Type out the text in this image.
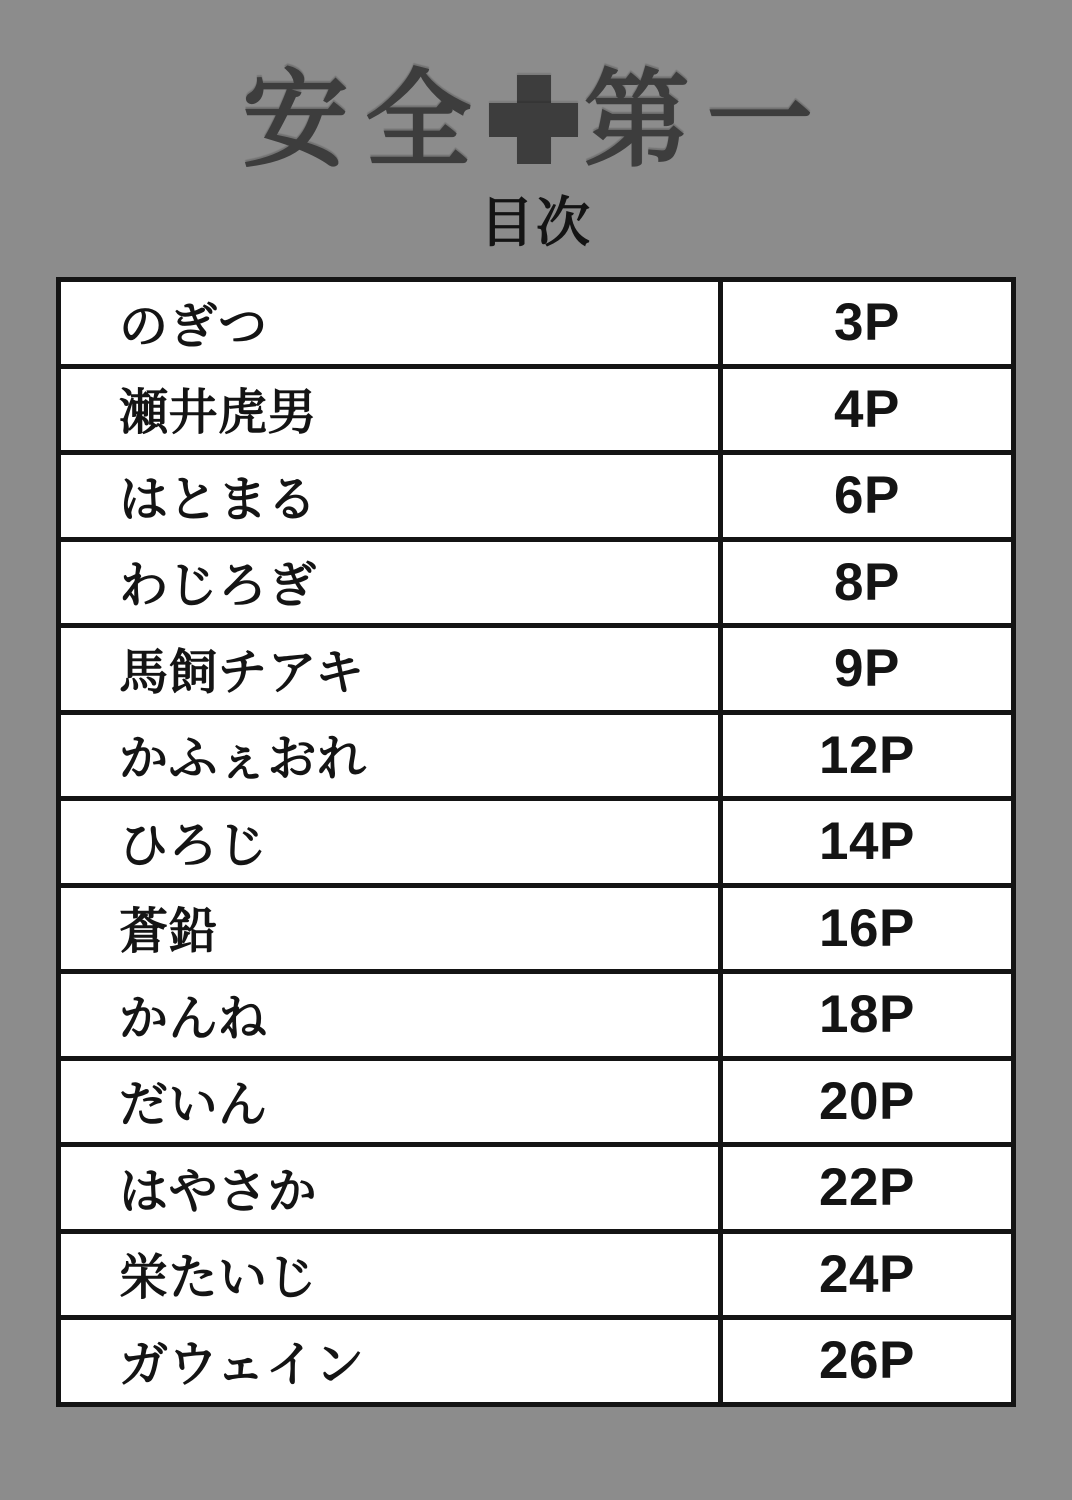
安全 第一
目次
のぎつ	3P
瀬井虎男	4P
はとまる	6P
わじろぎ	8P
馬飼チアキ	9P
かふぇおれ	12P
ひろじ	14P
蒼鉛	16P
かんね	18P
だいん	20P
はやさか	22P
栄たいじ	24P
ガウェイン	26P
